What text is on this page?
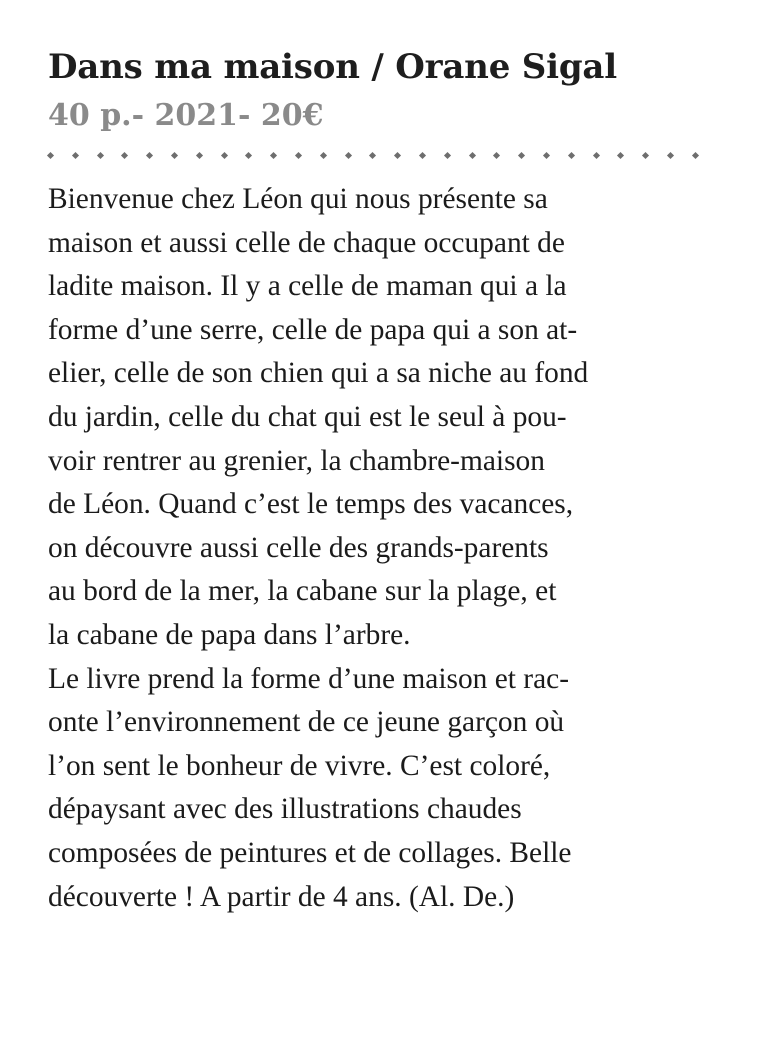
Dans ma maison / Orane Sigal
40 p.- 2021- 20€

Bienvenue chez Léon qui nous présente sa
maison et aussi celle de chaque occupant de
ladite maison. Il y a celle de maman qui a la
forme d’une serre, celle de papa qui a son at-
elier, celle de son chien qui a sa niche au fond
du jardin, celle du chat qui est le seul à pou-
voir rentrer au grenier, la chambre-maison
de Léon. Quand c’est le temps des vacances,
on découvre aussi celle des grands-parents
au bord de la mer, la cabane sur la plage, et
la cabane de papa dans l’arbre.

Le livre prend la forme d’une maison et rac-
onte l’environnement de ce jeune garçon où
l’on sent le bonheur de vivre. C’est coloré,
dépaysant avec des illustrations chaudes
composées de peintures et de collages. Belle
découverte ! A partir de 4 ans. (Al. De.)
